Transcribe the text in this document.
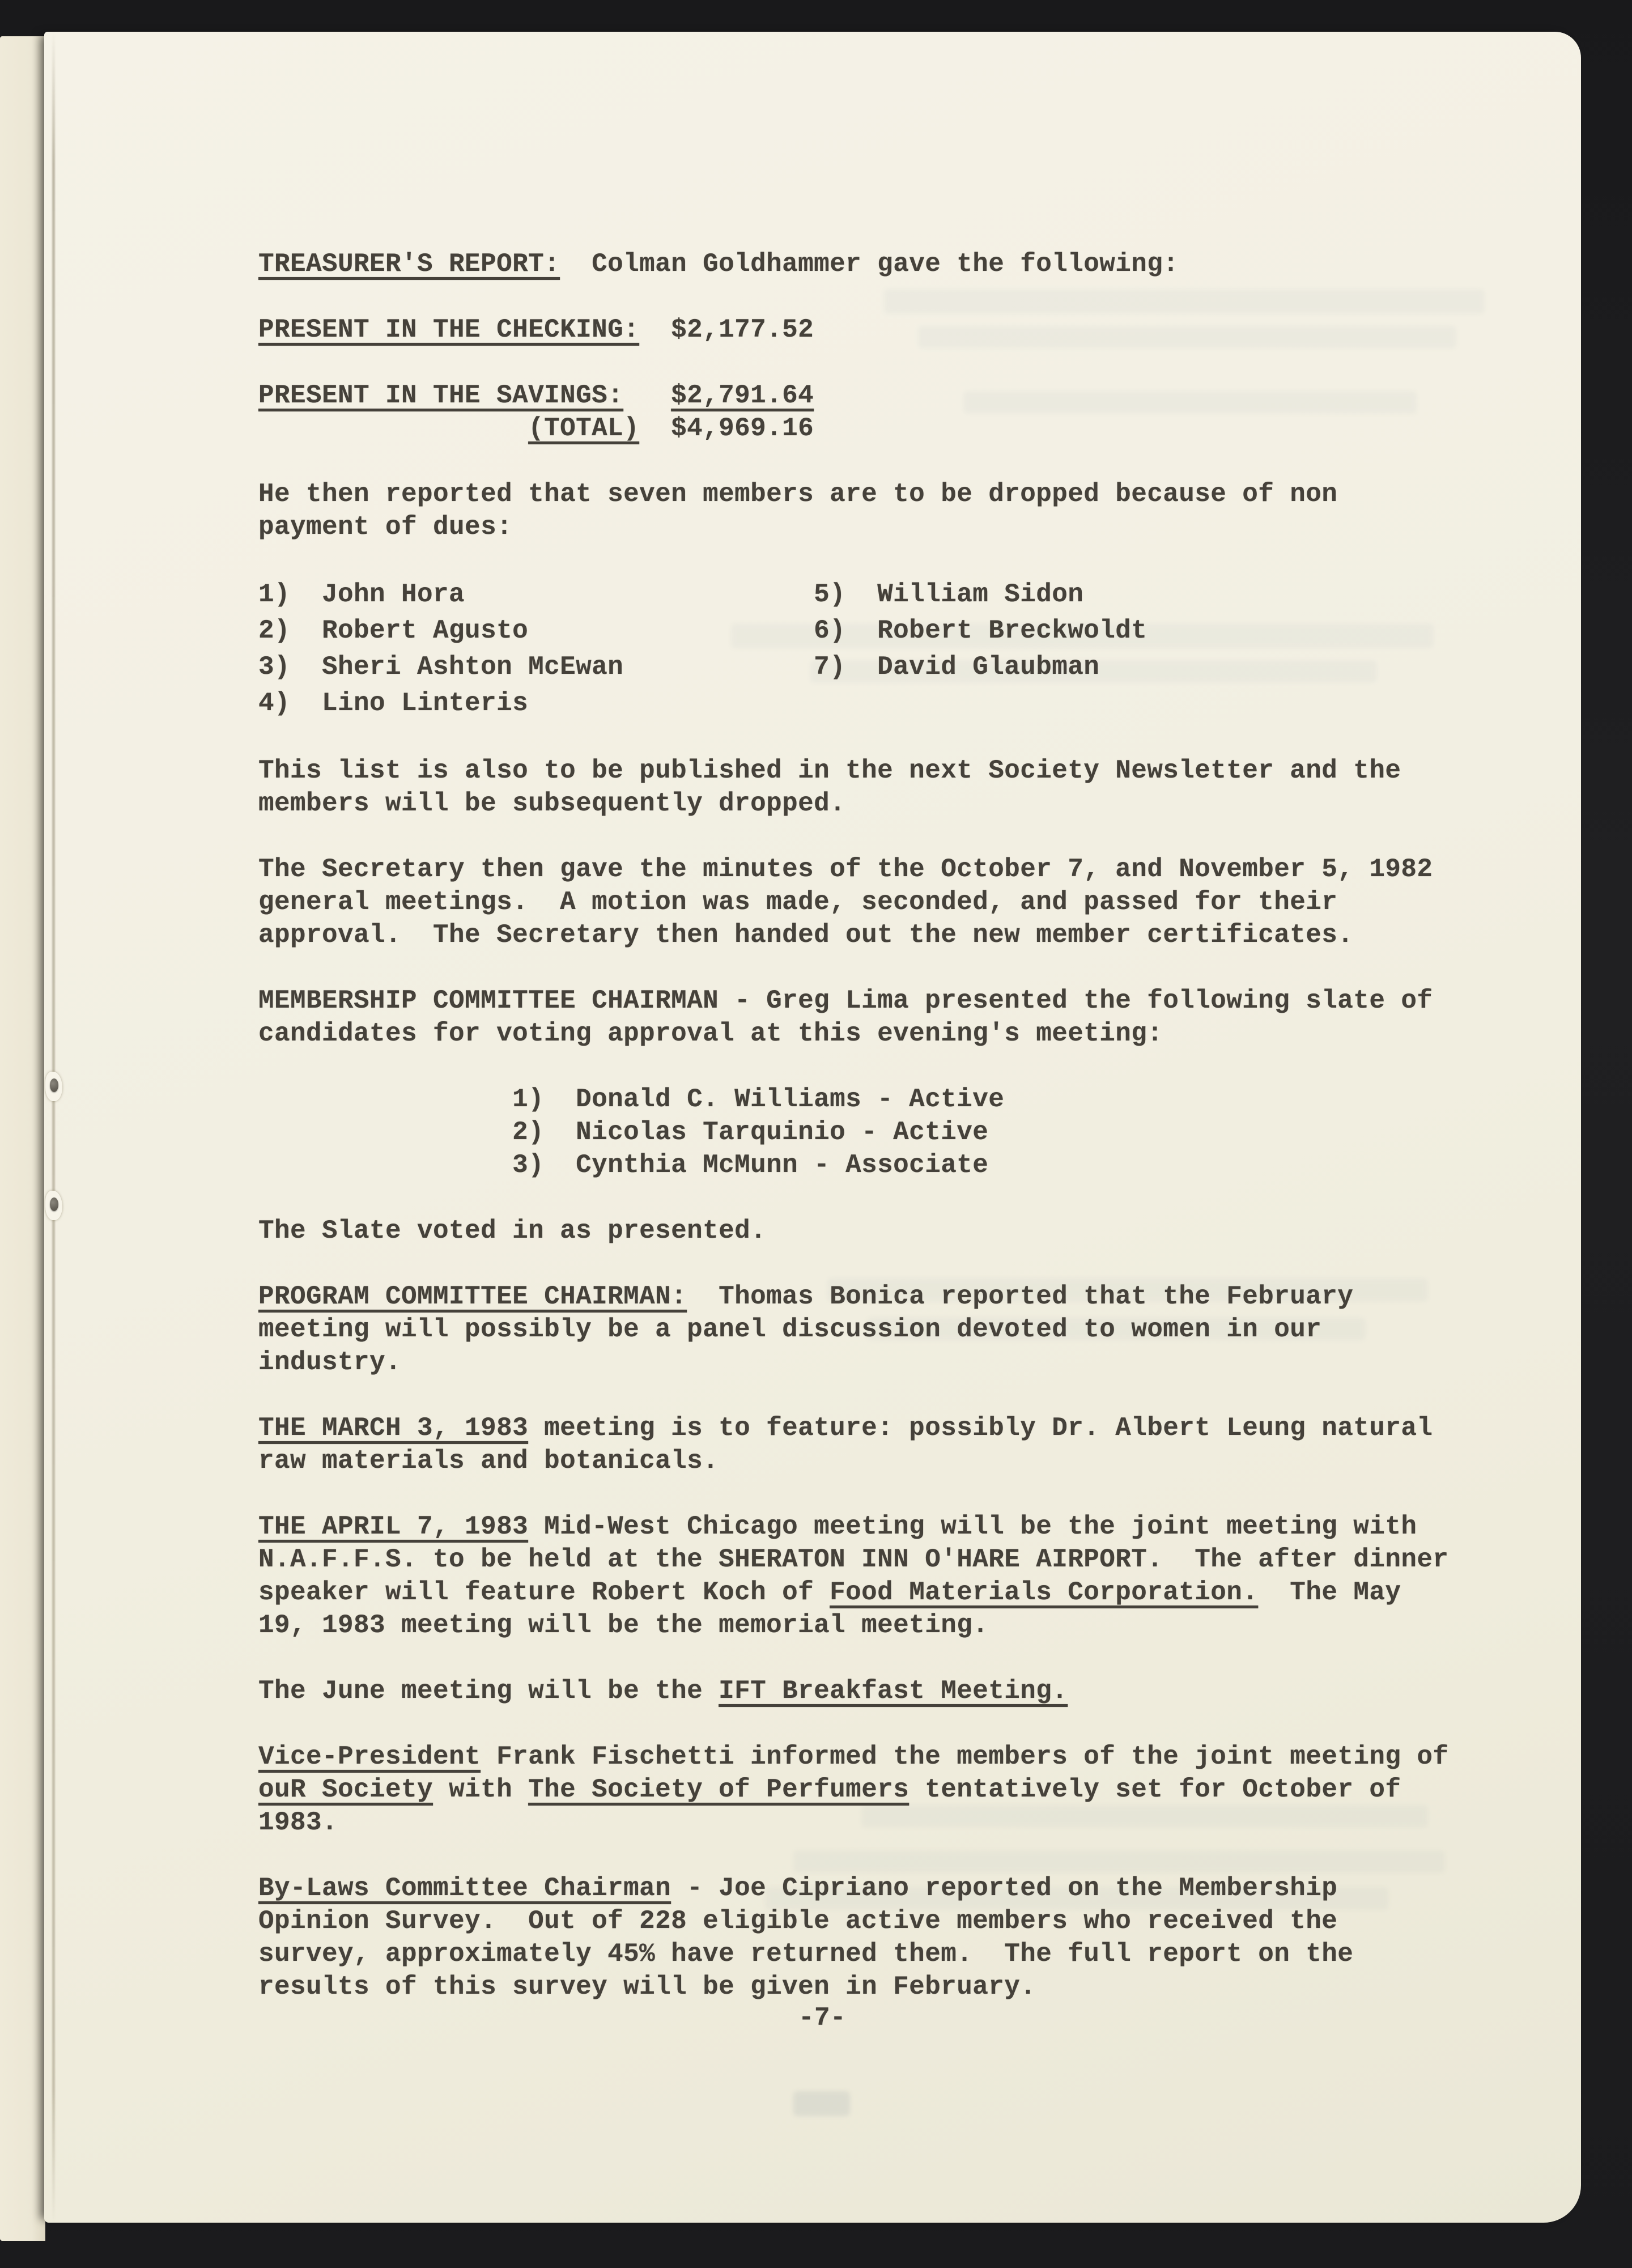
TREASURER'S REPORT:  Colman Goldhammer gave the following:
PRESENT IN THE CHECKING:  $2,177.52
PRESENT IN THE SAVINGS: $2,791.64
(TOTAL)  $4,969.16
He then reported that seven members are to be dropped because of non
payment of dues:
1)  John Hora                      5)  William Sidon
2)  Robert Agusto                  6)  Robert Breckwoldt
3)  Sheri Ashton McEwan            7)  David Glaubman
4)  Lino Linteris
This list is also to be published in the next Society Newsletter and the
members will be subsequently dropped.
The Secretary then gave the minutes of the October 7, and November 5, 1982
general meetings.  A motion was made, seconded, and passed for their
approval.  The Secretary then handed out the new member certificates.
MEMBERSHIP COMMITTEE CHAIRMAN - Greg Lima presented the following slate of
candidates for voting approval at this evening's meeting:
1)  Donald C. Williams - Active
2)  Nicolas Tarquinio - Active
3)  Cynthia McMunn - Associate
The Slate voted in as presented.
PROGRAM COMMITTEE CHAIRMAN:  Thomas Bonica reported that the February
meeting will possibly be a panel discussion devoted to women in our
industry.
THE MARCH 3, 1983 meeting is to feature: possibly Dr. Albert Leung natural
raw materials and botanicals.
THE APRIL 7, 1983 Mid-West Chicago meeting will be the joint meeting with
N.A.F.F.S. to be held at the SHERATON INN O'HARE AIRPORT.  The after dinner
speaker will feature Robert Koch of Food Materials Corporation.  The May
19, 1983 meeting will be the memorial meeting.
The June meeting will be the IFT Breakfast Meeting.
Vice-President Frank Fischetti informed the members of the joint meeting of
ouR Society with The Society of Perfumers tentatively set for October of
1983.
By-Laws Committee Chairman - Joe Cipriano reported on the Membership
Opinion Survey.  Out of 228 eligible active members who received the
survey, approximately 45% have returned them.  The full report on the
results of this survey will be given in February.
-7-
